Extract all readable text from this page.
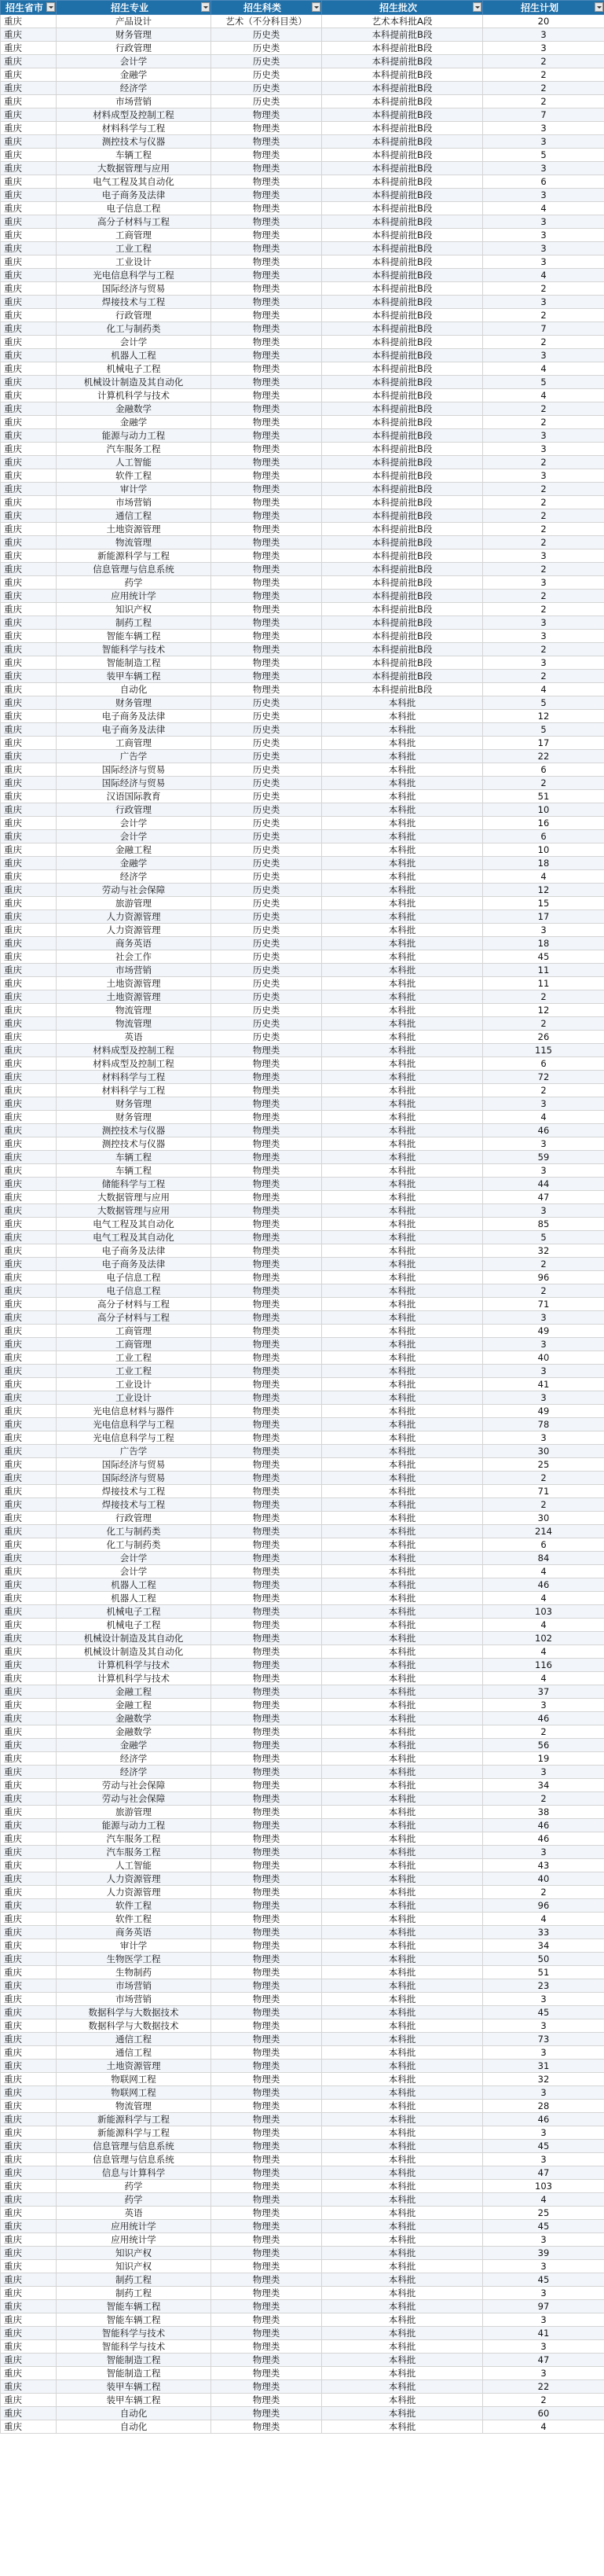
招生省市	招生专业	招生科类	招生批次	招生计划

重庆	产品设计	艺术（不分科目类）	艺术本科批A段	20
重庆	财务管理	历史类	本科提前批B段	3
重庆	行政管理	历史类	本科提前批B段	3
重庆	会计学	历史类	本科提前批B段	2
重庆	金融学	历史类	本科提前批B段	2
重庆	经济学	历史类	本科提前批B段	2
重庆	市场营销	历史类	本科提前批B段	2
重庆	材料成型及控制工程	物理类	本科提前批B段	7
重庆	材料科学与工程	物理类	本科提前批B段	3
重庆	测控技术与仪器	物理类	本科提前批B段	3
重庆	车辆工程	物理类	本科提前批B段	5
重庆	大数据管理与应用	物理类	本科提前批B段	3
重庆	电气工程及其自动化	物理类	本科提前批B段	6
重庆	电子商务及法律	物理类	本科提前批B段	3
重庆	电子信息工程	物理类	本科提前批B段	4
重庆	高分子材料与工程	物理类	本科提前批B段	3
重庆	工商管理	物理类	本科提前批B段	3
重庆	工业工程	物理类	本科提前批B段	3
重庆	工业设计	物理类	本科提前批B段	3
重庆	光电信息科学与工程	物理类	本科提前批B段	4
重庆	国际经济与贸易	物理类	本科提前批B段	2
重庆	焊接技术与工程	物理类	本科提前批B段	3
重庆	行政管理	物理类	本科提前批B段	2
重庆	化工与制药类	物理类	本科提前批B段	7
重庆	会计学	物理类	本科提前批B段	2
重庆	机器人工程	物理类	本科提前批B段	3
重庆	机械电子工程	物理类	本科提前批B段	4
重庆	机械设计制造及其自动化	物理类	本科提前批B段	5
重庆	计算机科学与技术	物理类	本科提前批B段	4
重庆	金融数学	物理类	本科提前批B段	2
重庆	金融学	物理类	本科提前批B段	2
重庆	能源与动力工程	物理类	本科提前批B段	3
重庆	汽车服务工程	物理类	本科提前批B段	3
重庆	人工智能	物理类	本科提前批B段	2
重庆	软件工程	物理类	本科提前批B段	3
重庆	审计学	物理类	本科提前批B段	2
重庆	市场营销	物理类	本科提前批B段	2
重庆	通信工程	物理类	本科提前批B段	2
重庆	土地资源管理	物理类	本科提前批B段	2
重庆	物流管理	物理类	本科提前批B段	2
重庆	新能源科学与工程	物理类	本科提前批B段	3
重庆	信息管理与信息系统	物理类	本科提前批B段	2
重庆	药学	物理类	本科提前批B段	3
重庆	应用统计学	物理类	本科提前批B段	2
重庆	知识产权	物理类	本科提前批B段	2
重庆	制药工程	物理类	本科提前批B段	3
重庆	智能车辆工程	物理类	本科提前批B段	3
重庆	智能科学与技术	物理类	本科提前批B段	2
重庆	智能制造工程	物理类	本科提前批B段	3
重庆	装甲车辆工程	物理类	本科提前批B段	2
重庆	自动化	物理类	本科提前批B段	4
重庆	财务管理	历史类	本科批	5
重庆	电子商务及法律	历史类	本科批	12
重庆	电子商务及法律	历史类	本科批	5
重庆	工商管理	历史类	本科批	17
重庆	广告学	历史类	本科批	22
重庆	国际经济与贸易	历史类	本科批	6
重庆	国际经济与贸易	历史类	本科批	2
重庆	汉语国际教育	历史类	本科批	51
重庆	行政管理	历史类	本科批	10
重庆	会计学	历史类	本科批	16
重庆	会计学	历史类	本科批	6
重庆	金融工程	历史类	本科批	10
重庆	金融学	历史类	本科批	18
重庆	经济学	历史类	本科批	4
重庆	劳动与社会保障	历史类	本科批	12
重庆	旅游管理	历史类	本科批	15
重庆	人力资源管理	历史类	本科批	17
重庆	人力资源管理	历史类	本科批	3
重庆	商务英语	历史类	本科批	18
重庆	社会工作	历史类	本科批	45
重庆	市场营销	历史类	本科批	11
重庆	土地资源管理	历史类	本科批	11
重庆	土地资源管理	历史类	本科批	2
重庆	物流管理	历史类	本科批	12
重庆	物流管理	历史类	本科批	2
重庆	英语	历史类	本科批	26
重庆	材料成型及控制工程	物理类	本科批	115
重庆	材料成型及控制工程	物理类	本科批	6
重庆	材料科学与工程	物理类	本科批	72
重庆	材料科学与工程	物理类	本科批	2
重庆	财务管理	物理类	本科批	3
重庆	财务管理	物理类	本科批	4
重庆	测控技术与仪器	物理类	本科批	46
重庆	测控技术与仪器	物理类	本科批	3
重庆	车辆工程	物理类	本科批	59
重庆	车辆工程	物理类	本科批	3
重庆	储能科学与工程	物理类	本科批	44
重庆	大数据管理与应用	物理类	本科批	47
重庆	大数据管理与应用	物理类	本科批	3
重庆	电气工程及其自动化	物理类	本科批	85
重庆	电气工程及其自动化	物理类	本科批	5
重庆	电子商务及法律	物理类	本科批	32
重庆	电子商务及法律	物理类	本科批	2
重庆	电子信息工程	物理类	本科批	96
重庆	电子信息工程	物理类	本科批	2
重庆	高分子材料与工程	物理类	本科批	71
重庆	高分子材料与工程	物理类	本科批	3
重庆	工商管理	物理类	本科批	49
重庆	工商管理	物理类	本科批	3
重庆	工业工程	物理类	本科批	40
重庆	工业工程	物理类	本科批	3
重庆	工业设计	物理类	本科批	41
重庆	工业设计	物理类	本科批	3
重庆	光电信息材料与器件	物理类	本科批	49
重庆	光电信息科学与工程	物理类	本科批	78
重庆	光电信息科学与工程	物理类	本科批	3
重庆	广告学	物理类	本科批	30
重庆	国际经济与贸易	物理类	本科批	25
重庆	国际经济与贸易	物理类	本科批	2
重庆	焊接技术与工程	物理类	本科批	71
重庆	焊接技术与工程	物理类	本科批	2
重庆	行政管理	物理类	本科批	30
重庆	化工与制药类	物理类	本科批	214
重庆	化工与制药类	物理类	本科批	6
重庆	会计学	物理类	本科批	84
重庆	会计学	物理类	本科批	4
重庆	机器人工程	物理类	本科批	46
重庆	机器人工程	物理类	本科批	4
重庆	机械电子工程	物理类	本科批	103
重庆	机械电子工程	物理类	本科批	4
重庆	机械设计制造及其自动化	物理类	本科批	102
重庆	机械设计制造及其自动化	物理类	本科批	4
重庆	计算机科学与技术	物理类	本科批	116
重庆	计算机科学与技术	物理类	本科批	4
重庆	金融工程	物理类	本科批	37
重庆	金融工程	物理类	本科批	3
重庆	金融数学	物理类	本科批	46
重庆	金融数学	物理类	本科批	2
重庆	金融学	物理类	本科批	56
重庆	经济学	物理类	本科批	19
重庆	经济学	物理类	本科批	3
重庆	劳动与社会保障	物理类	本科批	34
重庆	劳动与社会保障	物理类	本科批	2
重庆	旅游管理	物理类	本科批	38
重庆	能源与动力工程	物理类	本科批	46
重庆	汽车服务工程	物理类	本科批	46
重庆	汽车服务工程	物理类	本科批	3
重庆	人工智能	物理类	本科批	43
重庆	人力资源管理	物理类	本科批	40
重庆	人力资源管理	物理类	本科批	2
重庆	软件工程	物理类	本科批	96
重庆	软件工程	物理类	本科批	4
重庆	商务英语	物理类	本科批	33
重庆	审计学	物理类	本科批	34
重庆	生物医学工程	物理类	本科批	50
重庆	生物制药	物理类	本科批	51
重庆	市场营销	物理类	本科批	23
重庆	市场营销	物理类	本科批	3
重庆	数据科学与大数据技术	物理类	本科批	45
重庆	数据科学与大数据技术	物理类	本科批	3
重庆	通信工程	物理类	本科批	73
重庆	通信工程	物理类	本科批	3
重庆	土地资源管理	物理类	本科批	31
重庆	物联网工程	物理类	本科批	32
重庆	物联网工程	物理类	本科批	3
重庆	物流管理	物理类	本科批	28
重庆	新能源科学与工程	物理类	本科批	46
重庆	新能源科学与工程	物理类	本科批	3
重庆	信息管理与信息系统	物理类	本科批	45
重庆	信息管理与信息系统	物理类	本科批	3
重庆	信息与计算科学	物理类	本科批	47
重庆	药学	物理类	本科批	103
重庆	药学	物理类	本科批	4
重庆	英语	物理类	本科批	25
重庆	应用统计学	物理类	本科批	45
重庆	应用统计学	物理类	本科批	3
重庆	知识产权	物理类	本科批	39
重庆	知识产权	物理类	本科批	3
重庆	制药工程	物理类	本科批	45
重庆	制药工程	物理类	本科批	3
重庆	智能车辆工程	物理类	本科批	97
重庆	智能车辆工程	物理类	本科批	3
重庆	智能科学与技术	物理类	本科批	41
重庆	智能科学与技术	物理类	本科批	3
重庆	智能制造工程	物理类	本科批	47
重庆	智能制造工程	物理类	本科批	3
重庆	装甲车辆工程	物理类	本科批	22
重庆	装甲车辆工程	物理类	本科批	2
重庆	自动化	物理类	本科批	60
重庆	自动化	物理类	本科批	4
